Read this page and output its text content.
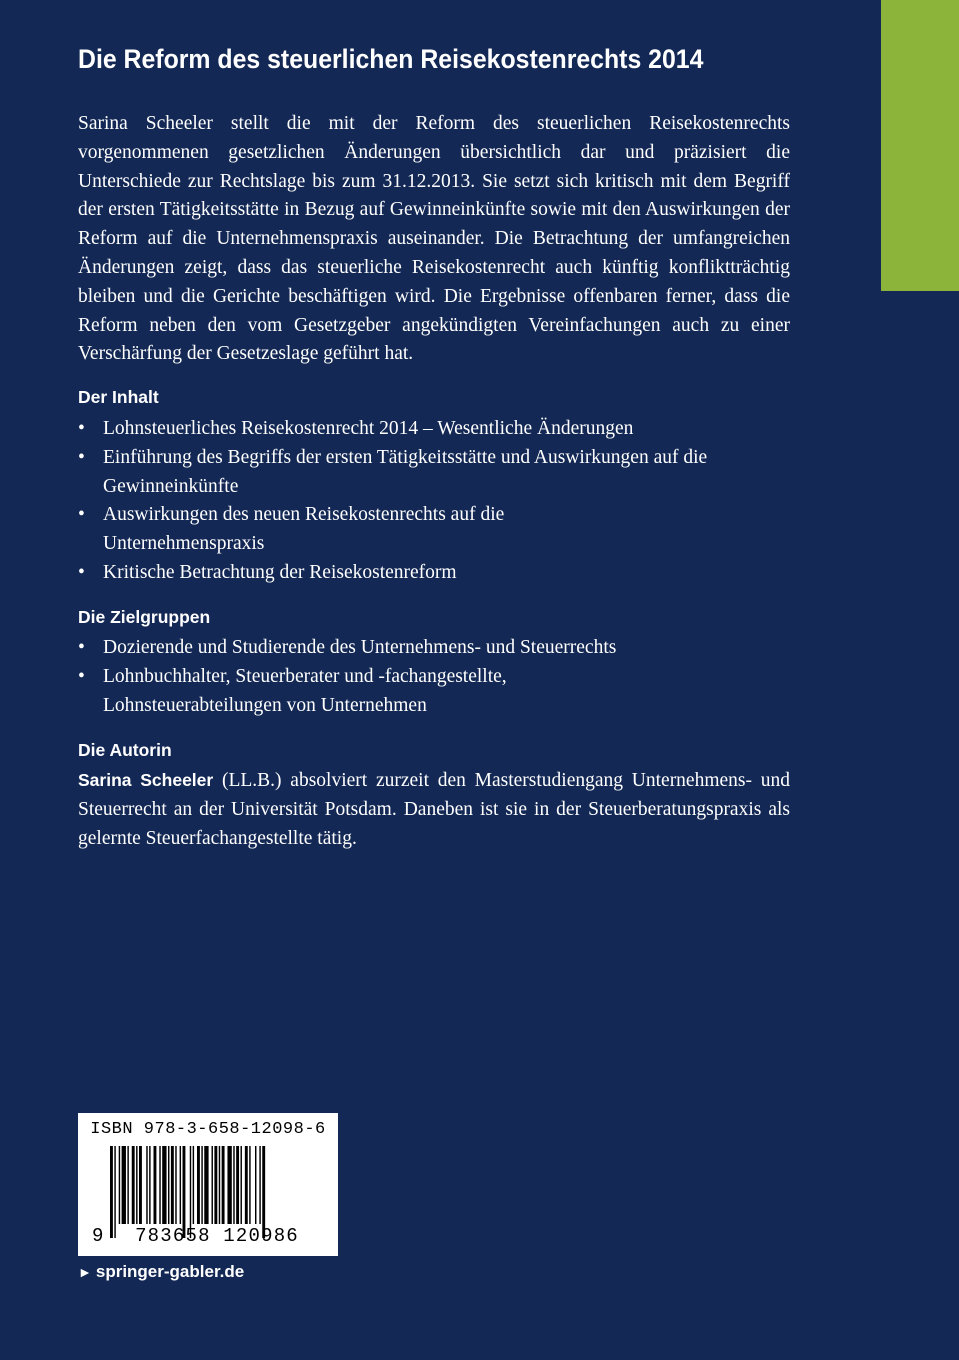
Die Reform des steuerlichen Reisekostenrechts 2014

Sarina Scheeler stellt die mit der Reform des steuerlichen Reisekostenrechts vorgenommenen gesetzlichen Änderungen übersichtlich dar und präzisiert die Unterschiede zur Rechtslage bis zum 31.12.2013. Sie setzt sich kritisch mit dem Begriff der ersten Tätigkeitsstätte in Bezug auf Gewinneinkünfte sowie mit den Auswirkungen der Reform auf die Unternehmenspraxis auseinander. Die Betrachtung der umfangreichen Änderungen zeigt, dass das steuerliche Reisekostenrecht auch künftig konfliktträchtig bleiben und die Gerichte beschäftigen wird. Die Ergebnisse offenbaren ferner, dass die Reform neben den vom Gesetzgeber angekündigten Vereinfachungen auch zu einer Verschärfung der Gesetzeslage geführt hat.

Der Inhalt
• Lohnsteuerliches Reisekostenrecht 2014 – Wesentliche Änderungen
• Einführung des Begriffs der ersten Tätigkeitsstätte und Auswirkungen auf die Gewinneinkünfte
• Auswirkungen des neuen Reisekostenrechts auf die Unternehmenspraxis
• Kritische Betrachtung der Reisekostenreform
Die Zielgruppen
• Dozierende und Studierende des Unternehmens- und Steuerrechts
• Lohnbuchhalter, Steuerberater und -fachangestellte, Lohnsteuerabteilungen von Unternehmen
Die Autorin

Sarina Scheeler (LL.B.) absolviert zurzeit den Masterstudiengang Unternehmens- und Steuerrecht an der Universität Potsdam. Daneben ist sie in der Steuerberatungspraxis als gelernte Steuerfachangestellte tätig.

ISBN 978-3-658-12098-6

9	783658 120986

► springer-gabler.de
